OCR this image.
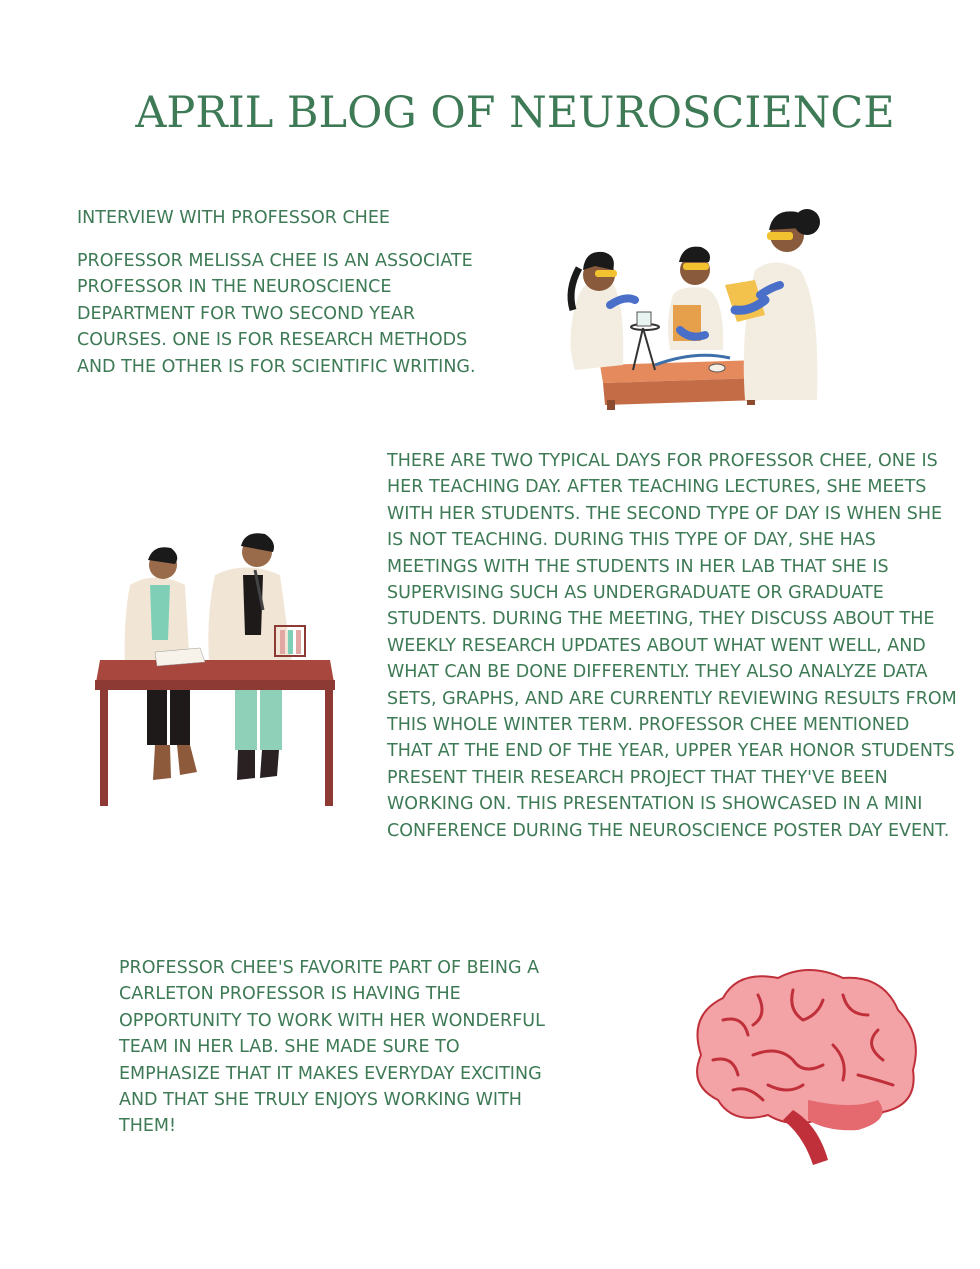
APRIL BLOG OF NEUROSCIENCE

INTERVIEW WITH PROFESSOR CHEE

PROFESSOR MELISSA CHEE IS AN ASSOCIATE PROFESSOR IN THE NEUROSCIENCE DEPARTMENT FOR TWO SECOND YEAR COURSES. ONE IS FOR RESEARCH METHODS AND THE OTHER IS FOR SCIENTIFIC WRITING.

THERE ARE TWO TYPICAL DAYS FOR PROFESSOR CHEE, ONE IS HER TEACHING DAY. AFTER TEACHING LECTURES, SHE MEETS WITH HER STUDENTS. THE SECOND TYPE OF DAY IS WHEN SHE IS NOT TEACHING. DURING THIS TYPE OF DAY, SHE HAS MEETINGS WITH THE STUDENTS IN HER LAB THAT SHE IS SUPERVISING SUCH AS UNDERGRADUATE OR GRADUATE STUDENTS. DURING THE MEETING, THEY DISCUSS ABOUT THE WEEKLY RESEARCH UPDATES ABOUT WHAT WENT WELL, AND WHAT CAN BE DONE DIFFERENTLY. THEY ALSO ANALYZE DATA SETS, GRAPHS, AND ARE CURRENTLY REVIEWING RESULTS FROM THIS WHOLE WINTER TERM. PROFESSOR CHEE MENTIONED THAT AT THE END OF THE YEAR, UPPER YEAR HONOR STUDENTS PRESENT THEIR RESEARCH PROJECT THAT THEY'VE BEEN WORKING ON. THIS PRESENTATION IS SHOWCASED IN A MINI CONFERENCE DURING THE NEUROSCIENCE POSTER DAY EVENT.

PROFESSOR CHEE'S FAVORITE PART OF BEING A CARLETON PROFESSOR IS HAVING THE OPPORTUNITY TO WORK WITH HER WONDERFUL TEAM IN HER LAB. SHE MADE SURE TO EMPHASIZE THAT IT MAKES EVERYDAY EXCITING AND THAT SHE TRULY ENJOYS WORKING WITH THEM!
